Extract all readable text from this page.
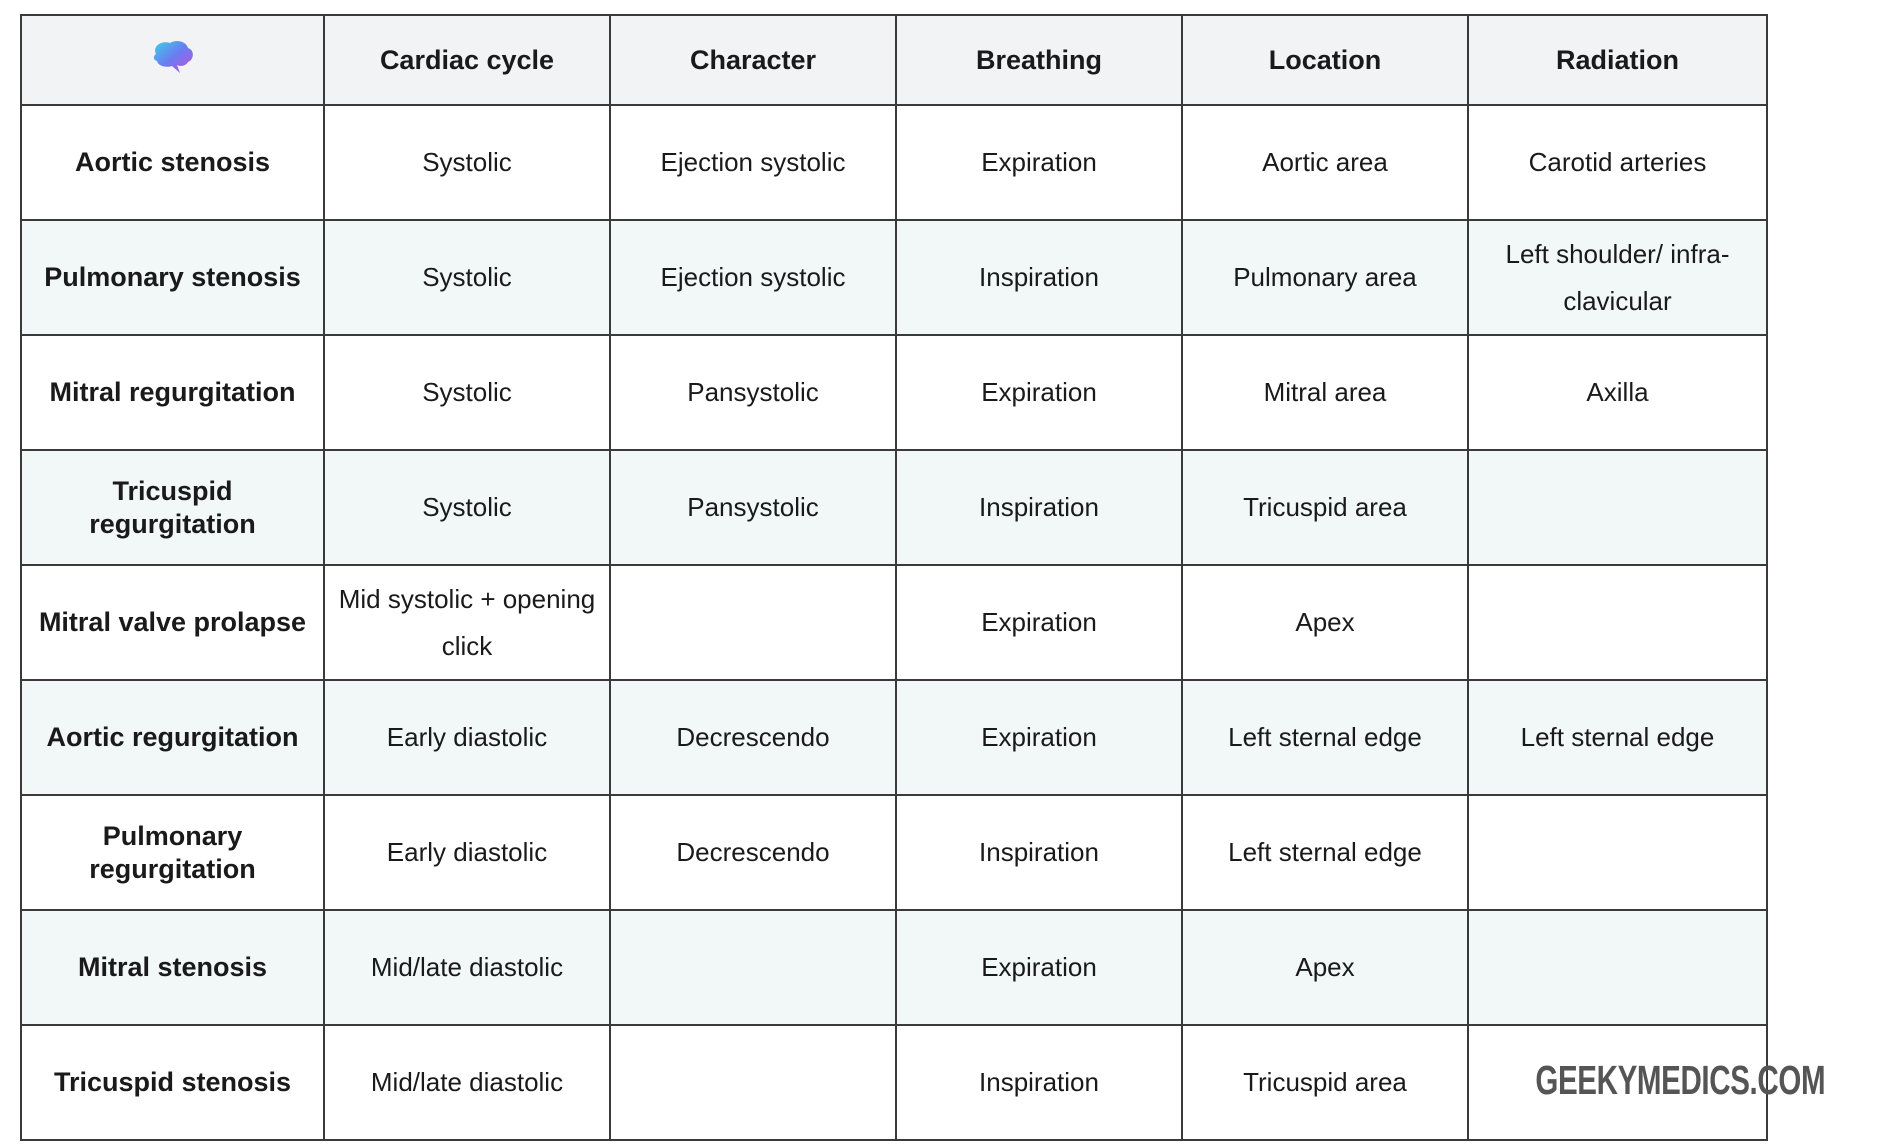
	Cardiac cycle	Character	Breathing	Location	Radiation
Aortic stenosis	Systolic	Ejection systolic	Expiration	Aortic area	Carotid arteries
Pulmonary stenosis	Systolic	Ejection systolic	Inspiration	Pulmonary area	Left shoulder/ infra-clavicular
Mitral regurgitation	Systolic	Pansystolic	Expiration	Mitral area	Axilla
Tricuspid regurgitation	Systolic	Pansystolic	Inspiration	Tricuspid area	
Mitral valve prolapse	Mid systolic + opening click		Expiration	Apex	
Aortic regurgitation	Early diastolic	Decrescendo	Expiration	Left sternal edge	Left sternal edge
Pulmonary regurgitation	Early diastolic	Decrescendo	Inspiration	Left sternal edge	
Mitral stenosis	Mid/late diastolic		Expiration	Apex	
Tricuspid stenosis	Mid/late diastolic		Inspiration	Tricuspid area	GEEKYMEDICS.COM
